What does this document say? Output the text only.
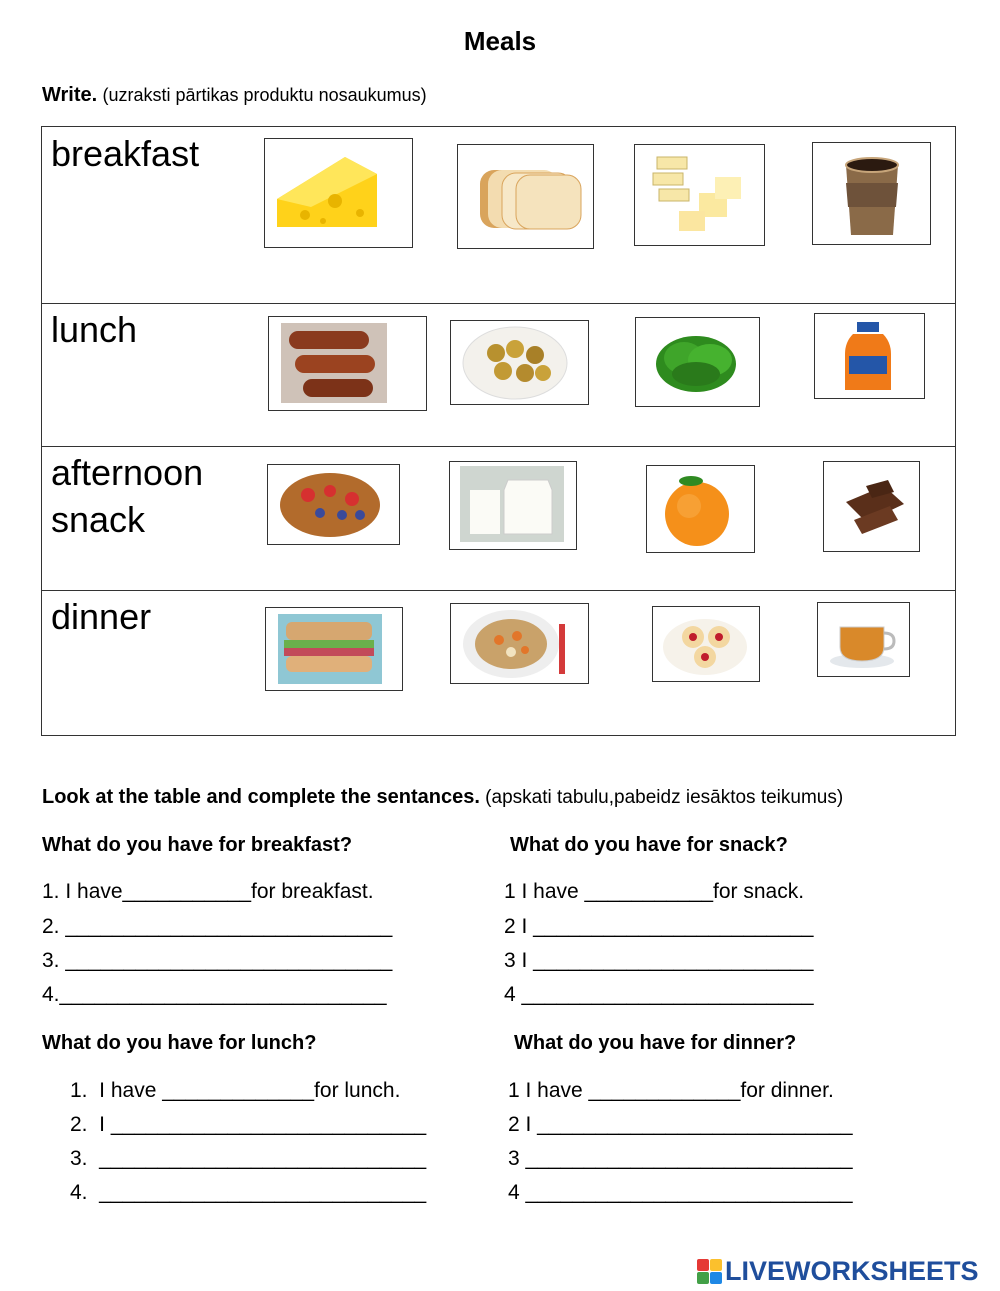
Meals
Write. (uzraksti pārtikas produktu nosaukumus)
breakfast
lunch
afternoon
snack
dinner
Look at the table and complete the sentances. (apskati tabulu,pabeidz iesāktos teikumus)
What do you have for breakfast?
1. I have___________for breakfast.
2. ____________________________
3. ____________________________
4.____________________________
What do you have for snack?
1 I have ___________for snack.
2 I ________________________
3 I ________________________
4 _________________________
What do you have for lunch?
1.  I have _____________for lunch.
2.  I ___________________________
3.  ____________________________
4.  ____________________________
What do you have for dinner?
1 I have _____________for dinner.
2 I ___________________________
3 ____________________________
4 ____________________________
LIVEWORKSHEETS
